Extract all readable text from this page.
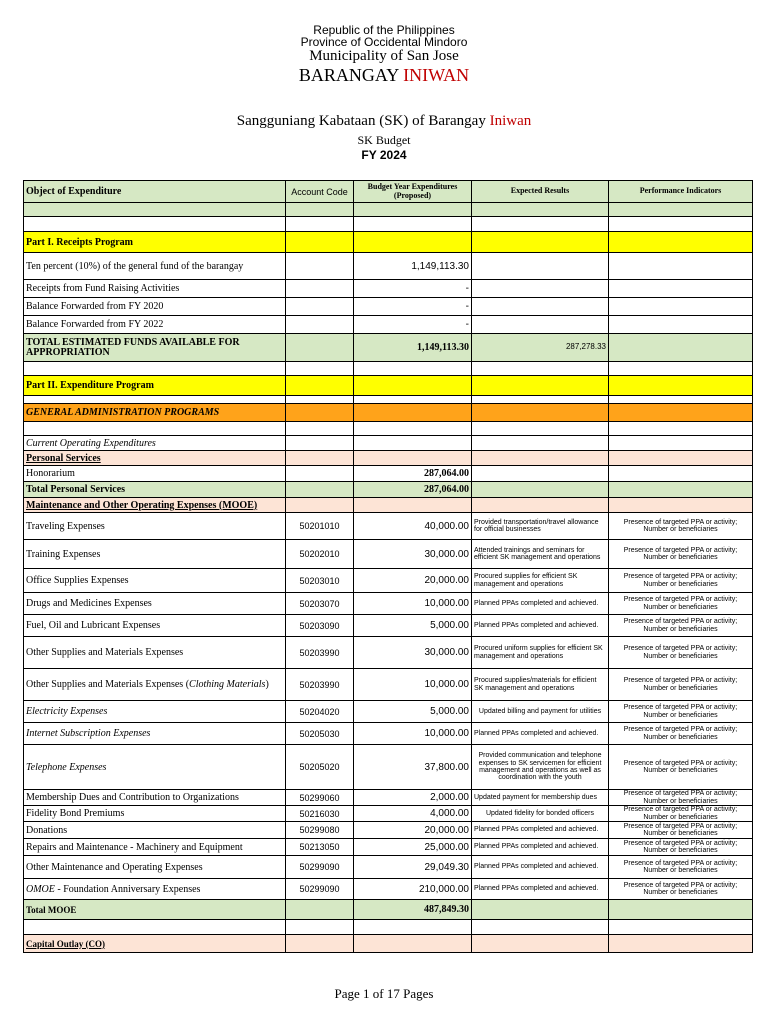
Republic of the Philippines
Province of Occidental Mindoro
Municipality of San Jose
BARANGAY INIWAN
Sangguniang Kabataan (SK) of Barangay Iniwan
SK Budget
FY 2024
Object of Expenditure	Account Code	Budget Year Expenditures (Proposed)	Expected Results	Performance Indicators

Part I. Receipts Program				
Ten percent (10%) of the general fund of the barangay		1,149,113.30		
Receipts from Fund Raising Activities		-		
Balance Forwarded from FY 2020		-		
Balance Forwarded from FY 2022		-		
TOTAL ESTIMATED FUNDS AVAILABLE FOR APPROPRIATION		1,149,113.30	287,278.33	

Part II. Expenditure Program				

GENERAL ADMINISTRATION PROGRAMS				

Current Operating Expenditures				
Personal Services				
Honorarium		287,064.00		
Total Personal Services		287,064.00		
Maintenance and Other Operating Expenses (MOOE)				
Traveling Expenses	50201010	40,000.00	Provided transportation/travel allowance for official businesses	Presence of targeted PPA or activity; Number or beneficiaries
Training Expenses	50202010	30,000.00	Attended trainings and seminars for efficient SK management and operations	Presence of targeted PPA or activity; Number or beneficiaries
Office Supplies Expenses	50203010	20,000.00	Procured supplies for efficient SK management and operations	Presence of targeted PPA or activity; Number or beneficiaries
Drugs and Medicines Expenses	50203070	10,000.00	Planned PPAs completed and achieved.	Presence of targeted PPA or activity; Number or beneficiaries
Fuel, Oil and Lubricant Expenses	50203090	5,000.00	Planned PPAs completed and achieved.	Presence of targeted PPA or activity; Number or beneficiaries
Other Supplies and Materials Expenses	50203990	30,000.00	Procured uniform supplies for efficient SK management and operations	Presence of targeted PPA or activity; Number or beneficiaries
Other Supplies and Materials Expenses (Clothing Materials)	50203990	10,000.00	Procured supplies/materials for efficient SK management and operations	Presence of targeted PPA or activity; Number or beneficiaries
Electricity Expenses	50204020	5,000.00	Updated billing and payment for utilities	Presence of targeted PPA or activity; Number or beneficiaries
Internet Subscription Expenses	50205030	10,000.00	Planned PPAs completed and achieved.	Presence of targeted PPA or activity; Number or beneficiaries
Telephone Expenses	50205020	37,800.00	Provided communication and telephone expenses to SK servicemen for efficient management and operations as well as coordination with the youth	Presence of targeted PPA or activity; Number or beneficiaries
Membership Dues and Contribution to Organizations	50299060	2,000.00	Updated payment for membership dues	Presence of targeted PPA or activity; Number or beneficiaries
Fidelity Bond Premiums	50216030	4,000.00	Updated fidelity for bonded officers	Presence of targeted PPA or activity; Number or beneficiaries
Donations	50299080	20,000.00	Planned PPAs completed and achieved.	Presence of targeted PPA or activity; Number or beneficiaries
Repairs and Maintenance - Machinery and Equipment	50213050	25,000.00	Planned PPAs completed and achieved.	Presence of targeted PPA or activity; Number or beneficiaries
Other Maintenance and Operating Expenses	50299090	29,049.30	Planned PPAs completed and achieved.	Presence of targeted PPA or activity; Number or beneficiaries
OMOE - Foundation Anniversary Expenses	50299090	210,000.00	Planned PPAs completed and achieved.	Presence of targeted PPA or activity; Number or beneficiaries
Total MOOE		487,849.30		

Capital Outlay (CO)				
Page 1 of 17 Pages
